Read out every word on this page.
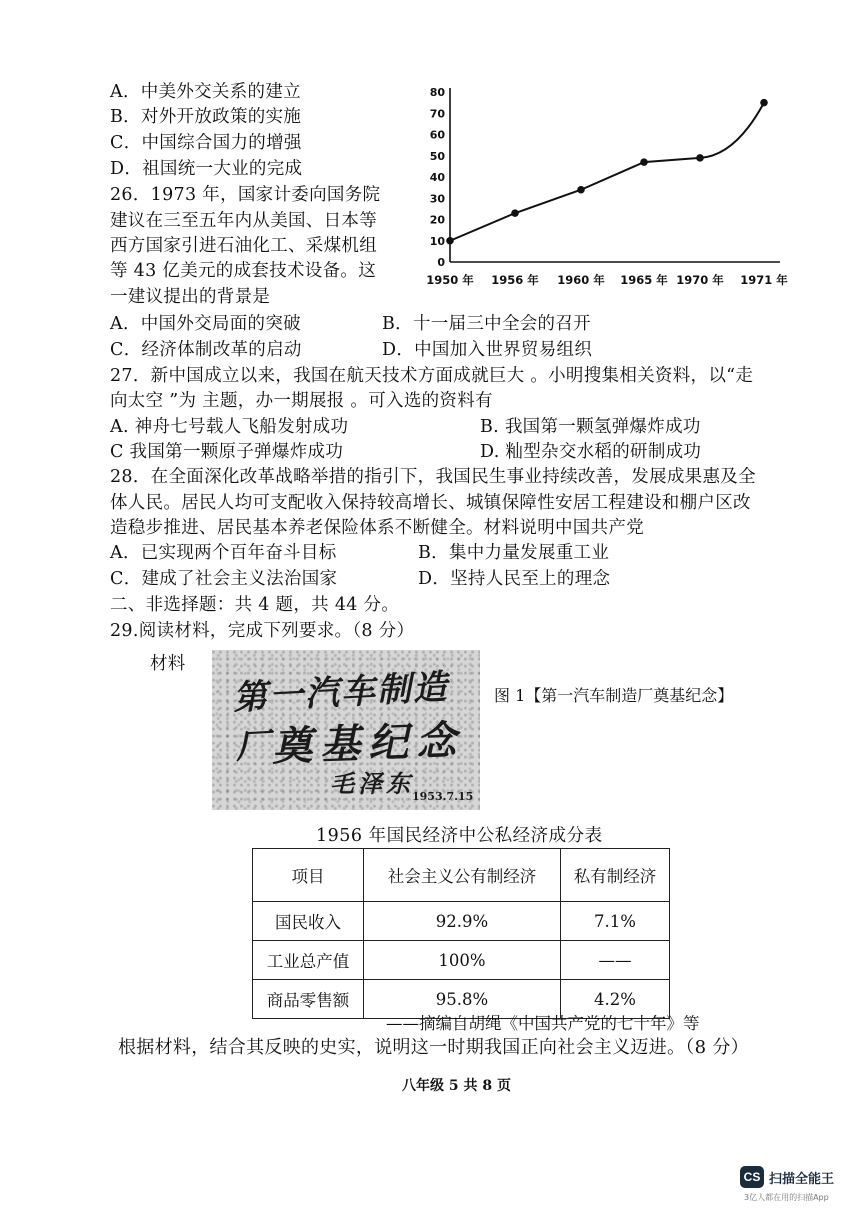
A．中美外交关系的建立
B．对外开放政策的实施
C．中国综合国力的增强
D．祖国统一大业的完成
26．1973 年，国家计委向国务院
建议在三至五年内从美国、日本等
西方国家引进石油化工、采煤机组
等 43 亿美元的成套技术设备。这
一建议提出的背景是
0
10
20
30
40
50
60
70
80
1950 年 1956 年 1960 年 1965 年 1970 年 1971 年
A．中国外交局面的突破	B．十一届三中全会的召开
C．经济体制改革的启动	D．中国加入世界贸易组织
27．新中国成立以来，我国在航天技术方面成就巨大 。小明搜集相关资料，以“走
向太空 ”为 主题，办一期展报 。可入选的资料有
A. 神舟七号载人飞船发射成功	B. 我国第一颗氢弹爆炸成功
C 我国第一颗原子弹爆炸成功	D. 籼型杂交水稻的研制成功
28．在全面深化改革战略举措的指引下，我国民生事业持续改善，发展成果惠及全
体人民。居民人均可支配收入保持较高增长、城镇保障性安居工程建设和棚户区改
造稳步推进、居民基本养老保险体系不断健全。材料说明中国共产党
A．已实现两个百年奋斗目标	B．集中力量发展重工业
C．建成了社会主义法治国家	D．坚持人民至上的理念
二、非选择题：共 4 题，共 44 分。
29.阅读材料，完成下列要求。（8 分）
材料
第一汽车制造厂
奠基纪念
毛泽东
1953.7.15
图 1【第一汽车制造厂奠基纪念】
1956 年国民经济中公私经济成分表
项目	社会主义公有制经济	私有制经济
国民收入	92.9%	7.1%
工业总产值	100%	——
商品零售额	95.8%	4.2%
——摘编自胡绳《中国共产党的七十年》等
根据材料，结合其反映的史实，说明这一时期我国正向社会主义迈进。（8 分）
八年级 5 共 8 页
CS 扫描全能王
3亿人都在用的扫描App
